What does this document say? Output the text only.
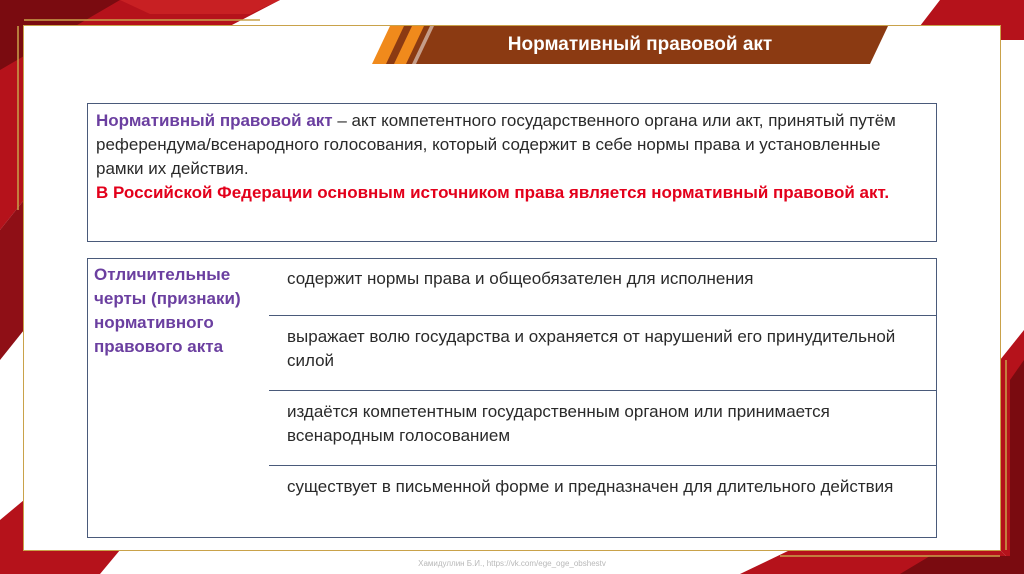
Нормативный правовой акт
Нормативный правовой акт – акт компетентного государственного органа или акт, принятый путём референдума/всенародного голосования, который содержит в себе нормы права и установленные рамки их действия.
В Российской Федерации основным источником права является нормативный правовой акт.
Отличительные черты (признаки) нормативного правового акта
содержит нормы права и общеобязателен для исполнения
выражает волю государства и охраняется от нарушений его принудительной силой
издаётся компетентным государственным органом или принимается всенародным голосованием
существует в письменной форме и предназначен для длительного действия
Хамидуллин Б.И., https://vk.com/ege_oge_obshestv
